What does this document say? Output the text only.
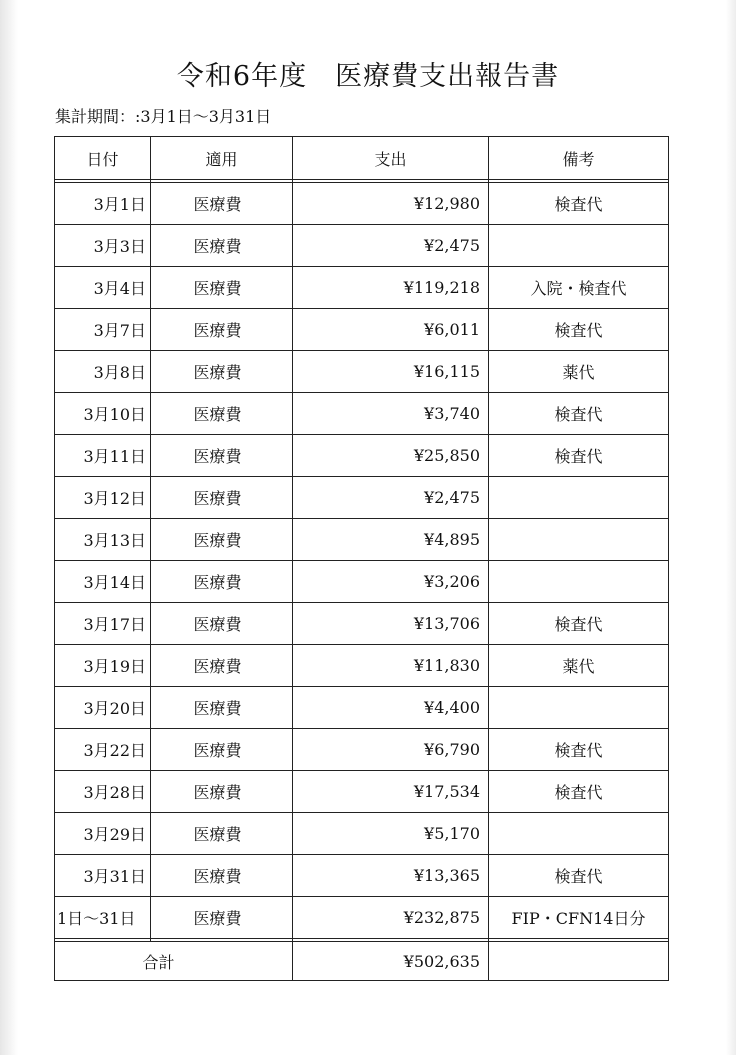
令和6年度　医療費支出報告書
集計期間：:3月1日〜3月31日
日付	適用	支出	備考

3月1日	医療費	¥12,980	検査代
3月3日	医療費	¥2,475	
3月4日	医療費	¥119,218	入院・検査代
3月7日	医療費	¥6,011	検査代
3月8日	医療費	¥16,115	薬代
3月10日	医療費	¥3,740	検査代
3月11日	医療費	¥25,850	検査代
3月12日	医療費	¥2,475	
3月13日	医療費	¥4,895	
3月14日	医療費	¥3,206	
3月17日	医療費	¥13,706	検査代
3月19日	医療費	¥11,830	薬代
3月20日	医療費	¥4,400	
3月22日	医療費	¥6,790	検査代
3月28日	医療費	¥17,534	検査代
3月29日	医療費	¥5,170	
3月31日	医療費	¥13,365	検査代
1日〜31日	医療費	¥232,875	FIP・CFN14日分

合計		¥502,635	
